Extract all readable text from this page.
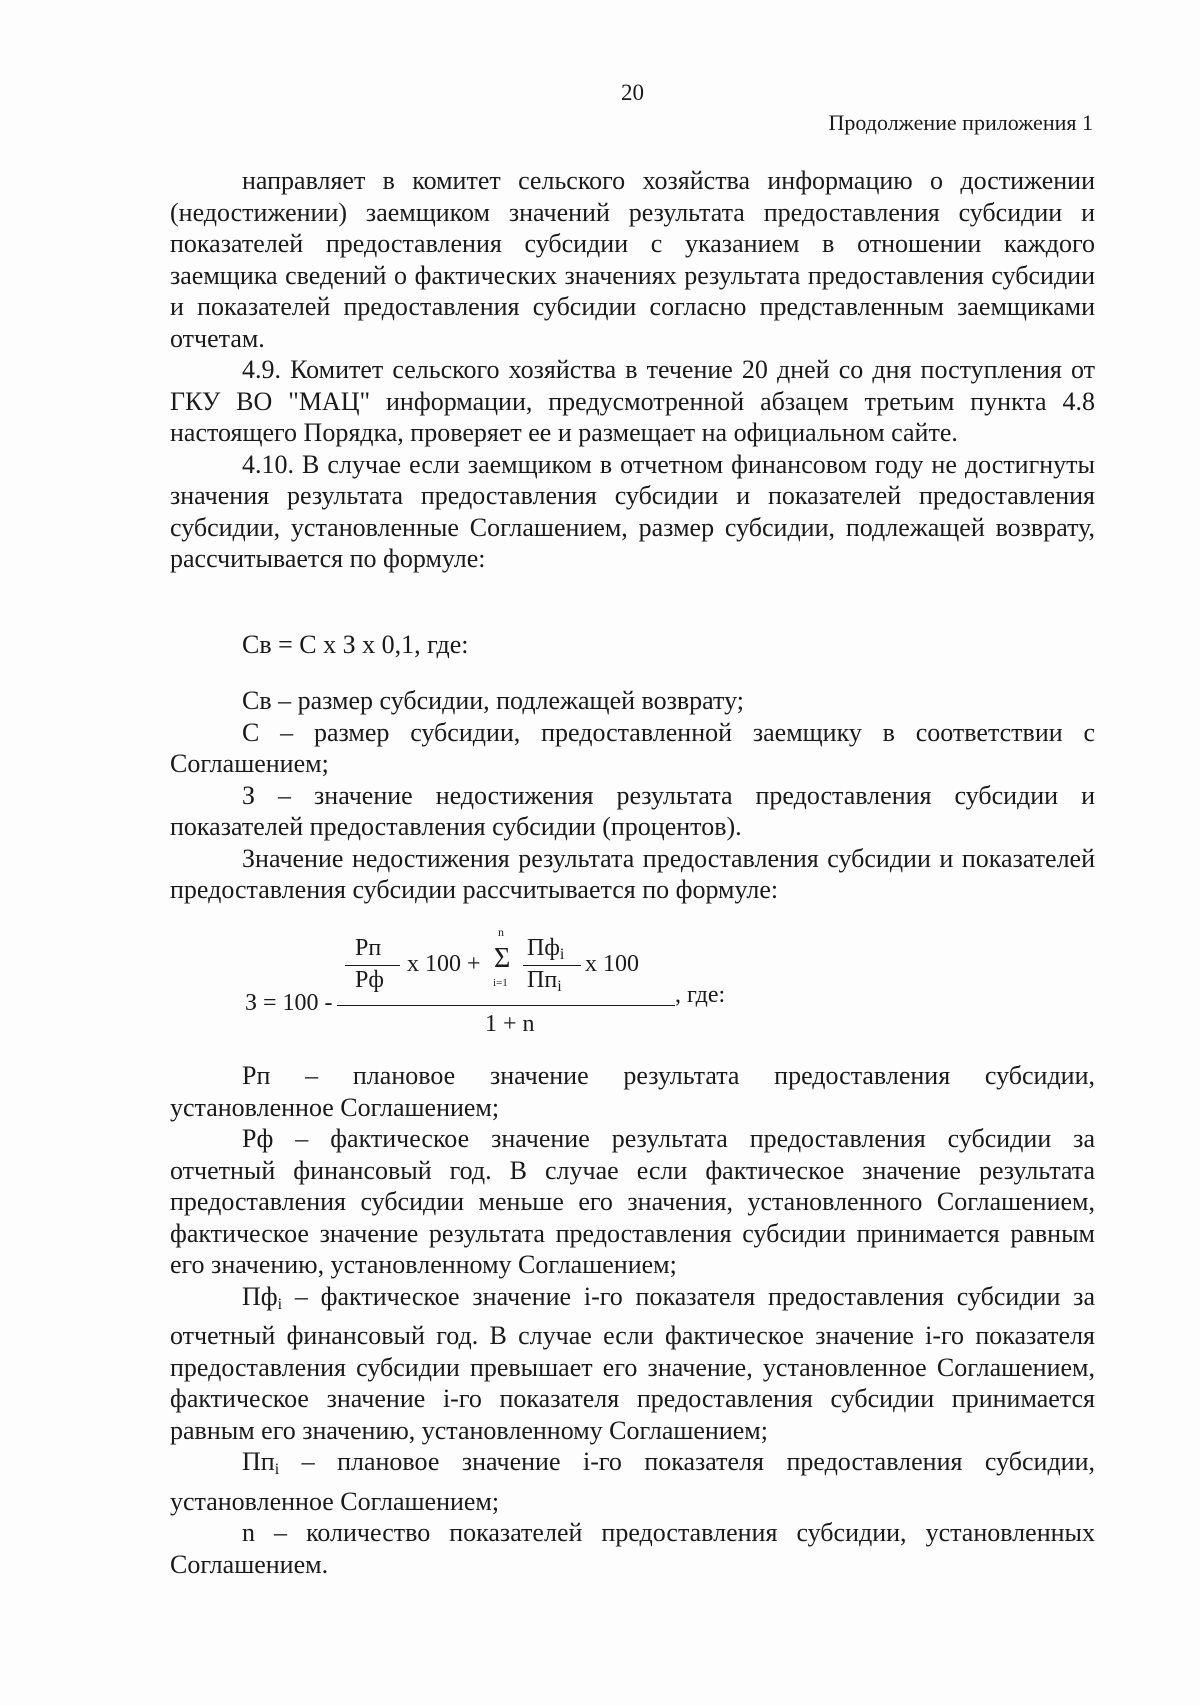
20
Продолжение приложения 1

направляет в комитет сельского хозяйства информацию о достижении (недостижении) заемщиком значений результата предоставления субсидии и показателей предоставления субсидии с указанием в отношении каждого заемщика сведений о фактических значениях результата предоставления субсидии и показателей предоставления субсидии согласно представленным заемщиками отчетам.

4.9. Комитет сельского хозяйства в течение 20 дней со дня поступления от ГКУ ВО "МАЦ" информации, предусмотренной абзацем третьим пункта 4.8 настоящего Порядка, проверяет ее и размещает на официальном сайте.

4.10. В случае если заемщиком в отчетном финансовом году не достигнуты значения результата предоставления субсидии и показателей предоставления субсидии, установленные Соглашением, размер субсидии, подлежащей возврату, рассчитывается по формуле:

Св = С х З х 0,1, где:

Св – размер субсидии, подлежащей возврату;

С – размер субсидии, предоставленной заемщику в соответствии с Соглашением;

З – значение недостижения результата предоставления субсидии и показателей предоставления субсидии (процентов).

Значение недостижения результата предоставления субсидии и показателей предоставления субсидии рассчитывается по формуле:

З = 100 -
Рп
Рф
х 100 +
n
Σ
i=1
$Пф_i$
$Пп_i$
х 100
1 + n
, где:

Рп – плановое значение результата предоставления субсидии, установленное Соглашением;

Рф – фактическое значение результата предоставления субсидии за отчетный финансовый год. В случае если фактическое значение результата предоставления субсидии меньше его значения, установленного Соглашением, фактическое значение результата предоставления субсидии принимается равным его значению, установленному Соглашением;

$Пф_i$ – фактическое значение i-го показателя предоставления субсидии за отчетный финансовый год. В случае если фактическое значение i-го показателя предоставления субсидии превышает его значение, установленное Соглашением, фактическое значение i-го показателя предоставления субсидии принимается равным его значению, установленному Соглашением;

$Пп_i$ – плановое значение i-го показателя предоставления субсидии, установленное Соглашением;

n – количество показателей предоставления субсидии, установленных Соглашением.
